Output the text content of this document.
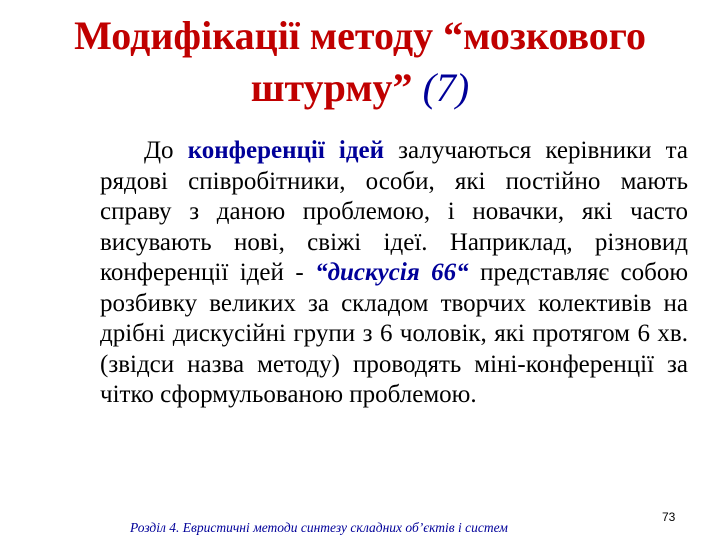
Модифікації методу “мозкового штурму” (7)

До конференції ідей залучаються керівники та рядові співробітники, особи, які постійно мають справу з даною проблемою, і новачки, які часто висувають нові, свіжі ідеї. Наприклад, різновид конференції ідей - “дискусія 66“ представляє собою розбивку великих за складом творчих колективів на дрібні дискусійні групи з 6 чоловік, які протягом 6 хв. (звідси назва методу) проводять міні-конференції за чітко сформульованою проблемою.

Розділ 4. Евристичні методи синтезу складних об’єктів і систем
73
